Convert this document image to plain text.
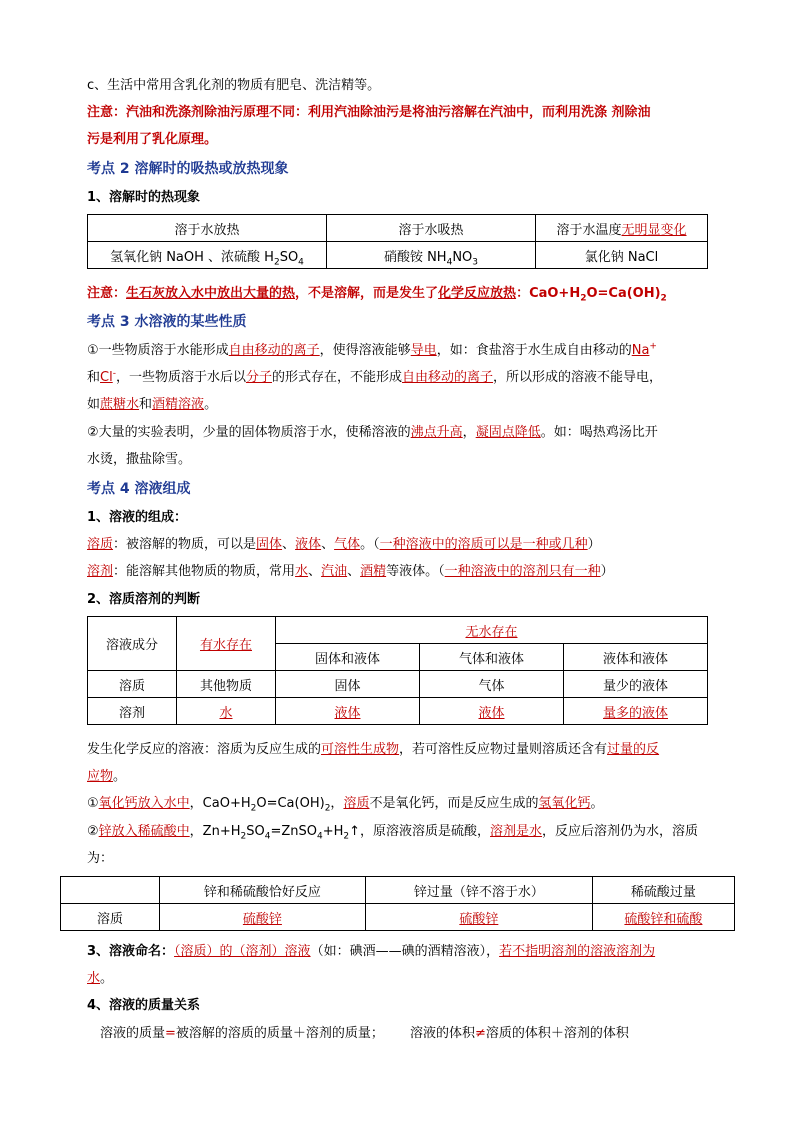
c、生活中常用含乳化剂的物质有肥皂、洗洁精等。
注意：汽油和洗涤剂除油污原理不同：利用汽油除油污是将油污溶解在汽油中，而利用洗涤 剂除油
污是利用了乳化原理。
考点 2 溶解时的吸热或放热现象
1、溶解时的热现象
溶于水放热	溶于水吸热	溶于水温度无明显变化
氢氧化钠 NaOH 、浓硫酸 $H_2SO_4$	硝酸铵 $NH_4NO_3$	氯化钠 NaCl
注意：生石灰放入水中放出大量的热，不是溶解，而是发生了化学反应放热：$CaO+H_2O=Ca(OH)_2$
考点 3 水溶液的某些性质
①一些物质溶于水能形成自由移动的离子，使得溶液能够导电，如：食盐溶于水生成自由移动的Na+
和Cl-，一些物质溶于水后以分子的形式存在，不能形成自由移动的离子，所以形成的溶液不能导电，
如蔗糖水和酒精溶液。
②大量的实验表明，少量的固体物质溶于水，使稀溶液的沸点升高，凝固点降低。如：喝热鸡汤比开
水烫，撒盐除雪。
考点 4 溶液组成
1、溶液的组成：
溶质：被溶解的物质，可以是固体、液体、气体。（一种溶液中的溶质可以是一种或几种）
溶剂：能溶解其他物质的物质，常用水、汽油、酒精等液体。（一种溶液中的溶剂只有一种）
2、溶质溶剂的判断
溶液成分	有水存在	无水存在		
		固体和液体	气体和液体	液体和液体
溶质	其他物质	固体	气体	量少的液体
溶剂	水	液体	液体	量多的液体
发生化学反应的溶液：溶质为反应生成的可溶性生成物，若可溶性反应物过量则溶质还含有过量的反
应物。
①氧化钙放入水中，$CaO+H_2O=Ca(OH)_2$，溶质不是氧化钙，而是反应生成的氢氧化钙。
②锌放入稀硫酸中，$Zn+H_2SO_4=ZnSO_4+H_2↑$，原溶液溶质是硫酸，溶剂是水，反应后溶剂仍为水，溶质
为：
	锌和稀硫酸恰好反应	锌过量（锌不溶于水）	稀硫酸过量
溶质	硫酸锌	硫酸锌	硫酸锌和硫酸
3、溶液命名：（溶质）的（溶剂）溶液（如：碘酒——碘的酒精溶液），若不指明溶剂的溶液溶剂为
水。
4、溶液的质量关系
溶液的质量=被溶解的溶质的质量＋溶剂的质量； 溶液的体积≠溶质的体积＋溶剂的体积
